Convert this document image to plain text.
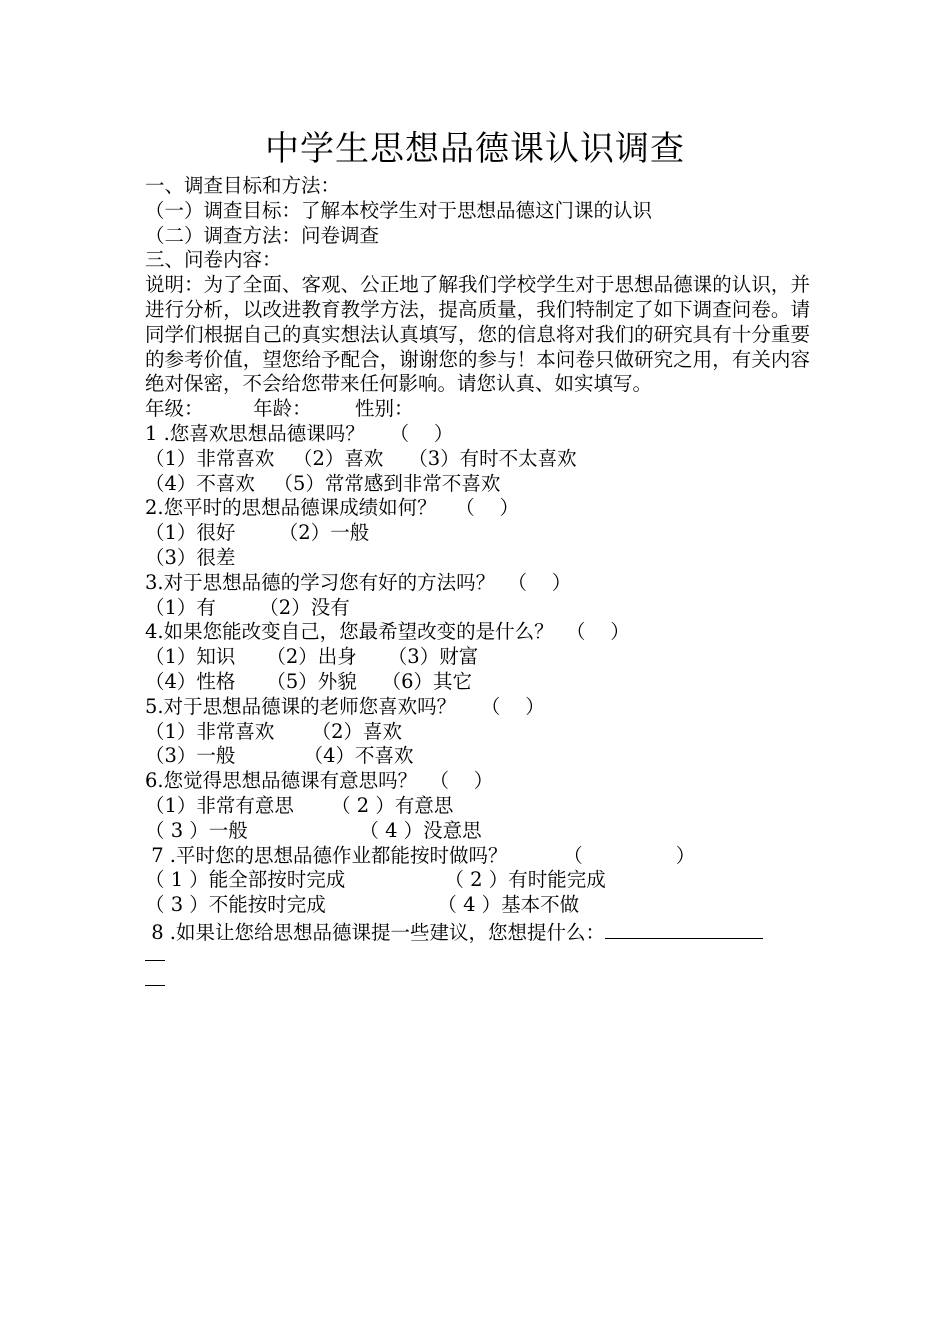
中学生思想品德课认识调查
一、调查目标和方法：
（一）调查目标：了解本校学生对于思想品德这门课的认识
（二）调查方法：问卷调查
三、问卷内容：
说明：为了全面、客观、公正地了解我们学校学生对于思想品德课的认识，并进行分析，以改进教育教学方法，提高质量，我们特制定了如下调查问卷。请同学们根据自己的真实想法认真填写，您的信息将对我们的研究具有十分重要的参考价值，望您给予配合，谢谢您的参与！本问卷只做研究之用，有关内容绝对保密，不会给您带来任何影响。请您认真、如实填写。
年级：        年龄：       性别：
1 .您喜欢思想品德课吗？    （    ）
（1）非常喜欢   （2）喜欢    （3）有时不太喜欢
（4）不喜欢   （5）常常感到非常不喜欢
2.您平时的思想品德课成绩如何？   （    ）
（1）很好       （2）一般
（3）很差
3.对于思想品德的学习您有好的方法吗？  （    ）
（1）有       （2）没有
4.如果您能改变自己，您最希望改变的是什么？  （    ）
（1）知识     （2）出身     （3）财富
（4）性格     （5）外貌    （6）其它
5.对于思想品德课的老师您喜欢吗？    （    ）
（1）非常喜欢      （2）喜欢
（3）一般           （4）不喜欢
6.您觉得思想品德课有意思吗？  （    ）
（1）非常有意思      （ 2 ）有意思
（ 3 ）一般                  （ 4 ）没意思
7 .平时您的思想品德作业都能按时做吗？         （               ）
（ 1 ）能全部按时完成                （ 2 ）有时能完成
（ 3 ）不能按时完成                  （ 4 ）基本不做
8 .如果让您给思想品德课提一些建议，您想提什么：
